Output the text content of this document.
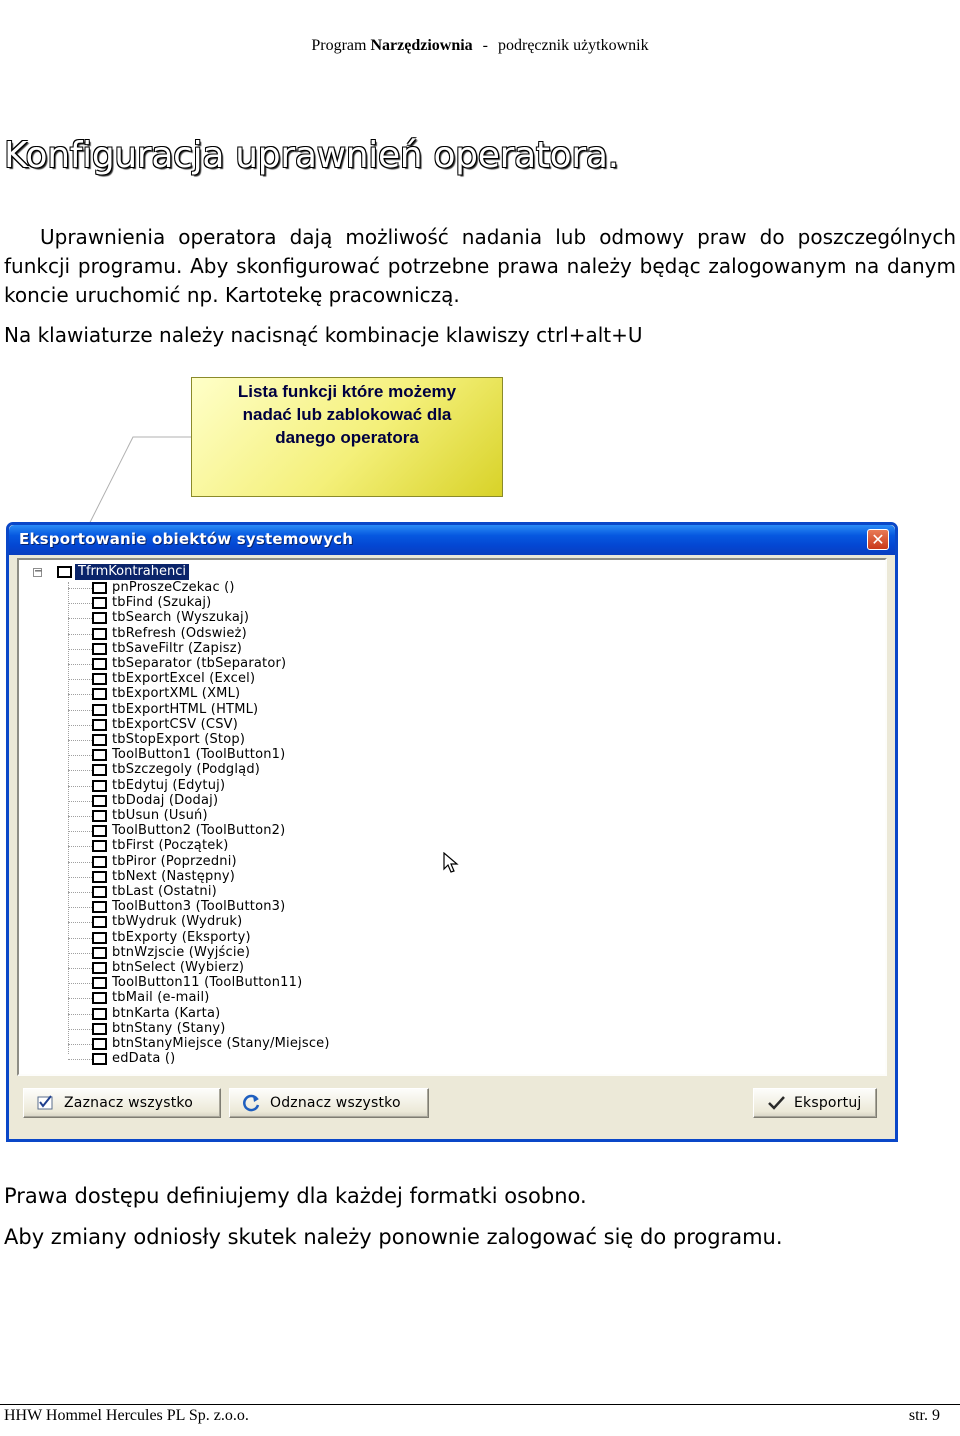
Program Narzędziownia - podręcznik użytkownik
Konfiguracja uprawnień operatora.

Uprawnienia operatora dają możliwość nadania lub odmowy praw do poszczególnych funkcji programu. Aby skonfigurować potrzebne prawa należy będąc zalogowanym na danym koncie uruchomić np. Kartotekę pracowniczą.

Na klawiaturze należy nacisnąć kombinacje klawiszy ctrl+alt+U

Lista funkcji które możemy
nadać lub zablokować dla
danego operatora
Eksportowanie obiektów systemowych	✕
−	TfrmKontrahenci
pnProszeCzekac ()
tbFind (Szukaj)
tbSearch (Wyszukaj)
tbRefresh (Odswież)
tbSaveFiltr (Zapisz)
tbSeparator (tbSeparator)
tbExportExcel (Excel)
tbExportXML (XML)
tbExportHTML (HTML)
tbExportCSV (CSV)
tbStopExport (Stop)
ToolButton1 (ToolButton1)
tbSzczegoly (Podgląd)
tbEdytuj (Edytuj)
tbDodaj (Dodaj)
tbUsun (Usuń)
ToolButton2 (ToolButton2)
tbFirst (Początek)
tbPiror (Poprzedni)
tbNext (Następny)
tbLast (Ostatni)
ToolButton3 (ToolButton3)
tbWydruk (Wydruk)
tbExporty (Eksporty)
btnWzjscie (Wyjście)
btnSelect (Wybierz)
ToolButton11 (ToolButton11)
tbMail (e-mail)
btnKarta (Karta)
btnStany (Stany)
btnStanyMiejsce (Stany/Miejsce)
edData ()
Zaznacz wszystko	Odznacz wszystko	Eksportuj

Prawa dostępu definiujemy dla każdej formatki osobno.

Aby zmiany odniosły skutek należy ponownie zalogować się do programu.

HHW Hommel Hercules PL Sp. z.o.o.	str. 9
